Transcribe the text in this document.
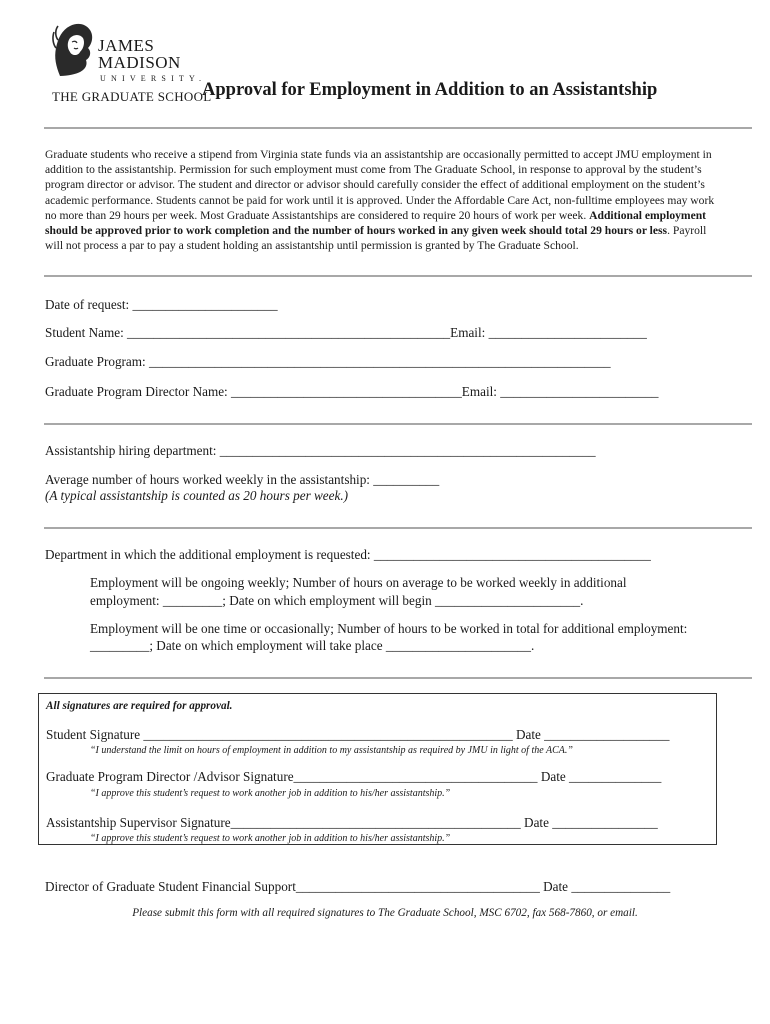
JAMES
MADISON
UNIVERSITY.
THE GRADUATE SCHOOL
Approval for Employment in Addition to an Assistantship
Graduate students who receive a stipend from Virginia state funds via an assistantship are occasionally permitted to accept JMU employment in addition to the assistantship. Permission for such employment must come from The Graduate School, in response to approval by the student’s program director or advisor. The student and director or advisor should carefully consider the effect of additional employment on the student’s academic performance. Students cannot be paid for work until it is approved. Under the Affordable Care Act, non-fulltime employees may work no more than 29 hours per week. Most Graduate Assistantships are considered to require 20 hours of work per week. Additional employment should be approved prior to work completion and the number of hours worked in any given week should total 29 hours or less. Payroll will not process a par to pay a student holding an assistantship until permission is granted by The Graduate School.
Date of request: ______________________
Student Name: _________________________________________________Email: ________________________
Graduate Program: ______________________________________________________________________
Graduate Program Director Name: ___________________________________Email: ________________________
Assistantship hiring department: _________________________________________________________
Average number of hours worked weekly in the assistantship: __________
(A typical assistantship is counted as 20 hours per week.)
Department in which the additional employment is requested: __________________________________________
Employment will be ongoing weekly; Number of hours on average to be worked weekly in additional
employment: _________; Date on which employment will begin ______________________.
Employment will be one time or occasionally; Number of hours to be worked in total for additional employment:
_________; Date on which employment will take place ______________________.
All signatures are required for approval.
Student Signature ________________________________________________________ Date ___________________
“I understand the limit on hours of employment in addition to my assistantship as required by JMU in light of the ACA.”
Graduate Program Director /Advisor Signature_____________________________________ Date ______________
“I approve this student’s request to work another job in addition to his/her assistantship.”
Assistantship Supervisor Signature____________________________________________ Date ________________
“I approve this student’s request to work another job in addition to his/her assistantship.”
Director of Graduate Student Financial Support_____________________________________ Date _______________
Please submit this form with all required signatures to The Graduate School, MSC 6702, fax 568-7860, or email.
